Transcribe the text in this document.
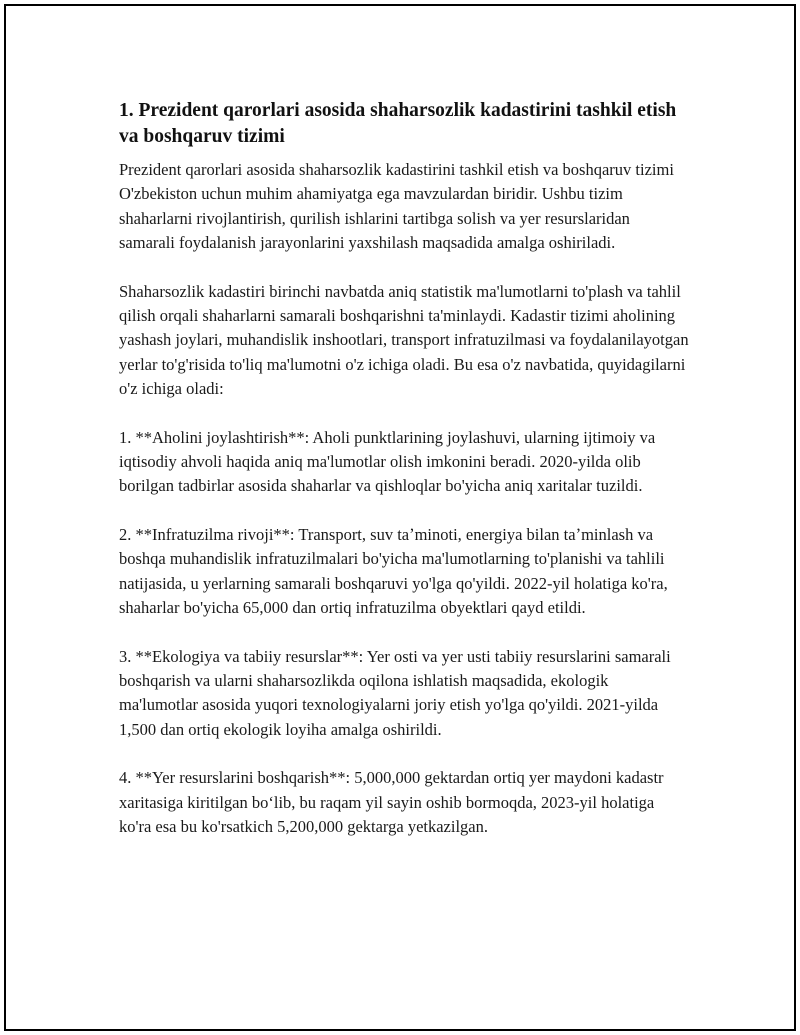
1. Prezident qarorlari asosida shaharsozlik kadastirini tashkil etish va boshqaruv tizimi

Prezident qarorlari asosida shaharsozlik kadastirini tashkil etish va boshqaruv tizimi O'zbekiston uchun muhim ahamiyatga ega mavzulardan biridir. Ushbu tizim shaharlarni rivojlantirish, qurilish ishlarini tartibga solish va yer resurslaridan samarali foydalanish jarayonlarini yaxshilash maqsadida amalga oshiriladi.

Shaharsozlik kadastiri birinchi navbatda aniq statistik ma'lumotlarni to'plash va tahlil qilish orqali shaharlarni samarali boshqarishni ta'minlaydi. Kadastir tizimi aholining yashash joylari, muhandislik inshootlari, transport infratuzilmasi va foydalanilayotgan yerlar to'g'risida to'liq ma'lumotni o'z ichiga oladi. Bu esa o'z navbatida, quyidagilarni o'z ichiga oladi:

1. **Aholini joylashtirish**: Aholi punktlarining joylashuvi, ularning ijtimoiy va iqtisodiy ahvoli haqida aniq ma'lumotlar olish imkonini beradi. 2020-yilda olib borilgan tadbirlar asosida shaharlar va qishloqlar bo'yicha aniq xaritalar tuzildi.

2. **Infratuzilma rivoji**: Transport, suv taʼminoti, energiya bilan taʼminlash va boshqa muhandislik infratuzilmalari bo'yicha ma'lumotlarning to'planishi va tahlili natijasida, u yerlarning samarali boshqaruvi yo'lga qo'yildi. 2022-yil holatiga ko'ra, shaharlar bo'yicha 65,000 dan ortiq infratuzilma obyektlari qayd etildi.

3. **Ekologiya va tabiiy resurslar**: Yer osti va yer usti tabiiy resurslarini samarali boshqarish va ularni shaharsozlikda oqilona ishlatish maqsadida, ekologik ma'lumotlar asosida yuqori texnologiyalarni joriy etish yo'lga qo'yildi. 2021-yilda 1,500 dan ortiq ekologik loyiha amalga oshirildi.

4. **Yer resurslarini boshqarish**: 5,000,000 gektardan ortiq yer maydoni kadastr xaritasiga kiritilgan bo‘lib, bu raqam yil sayin oshib bormoqda, 2023-yil holatiga ko'ra esa bu ko'rsatkich 5,200,000 gektarga yetkazilgan.
